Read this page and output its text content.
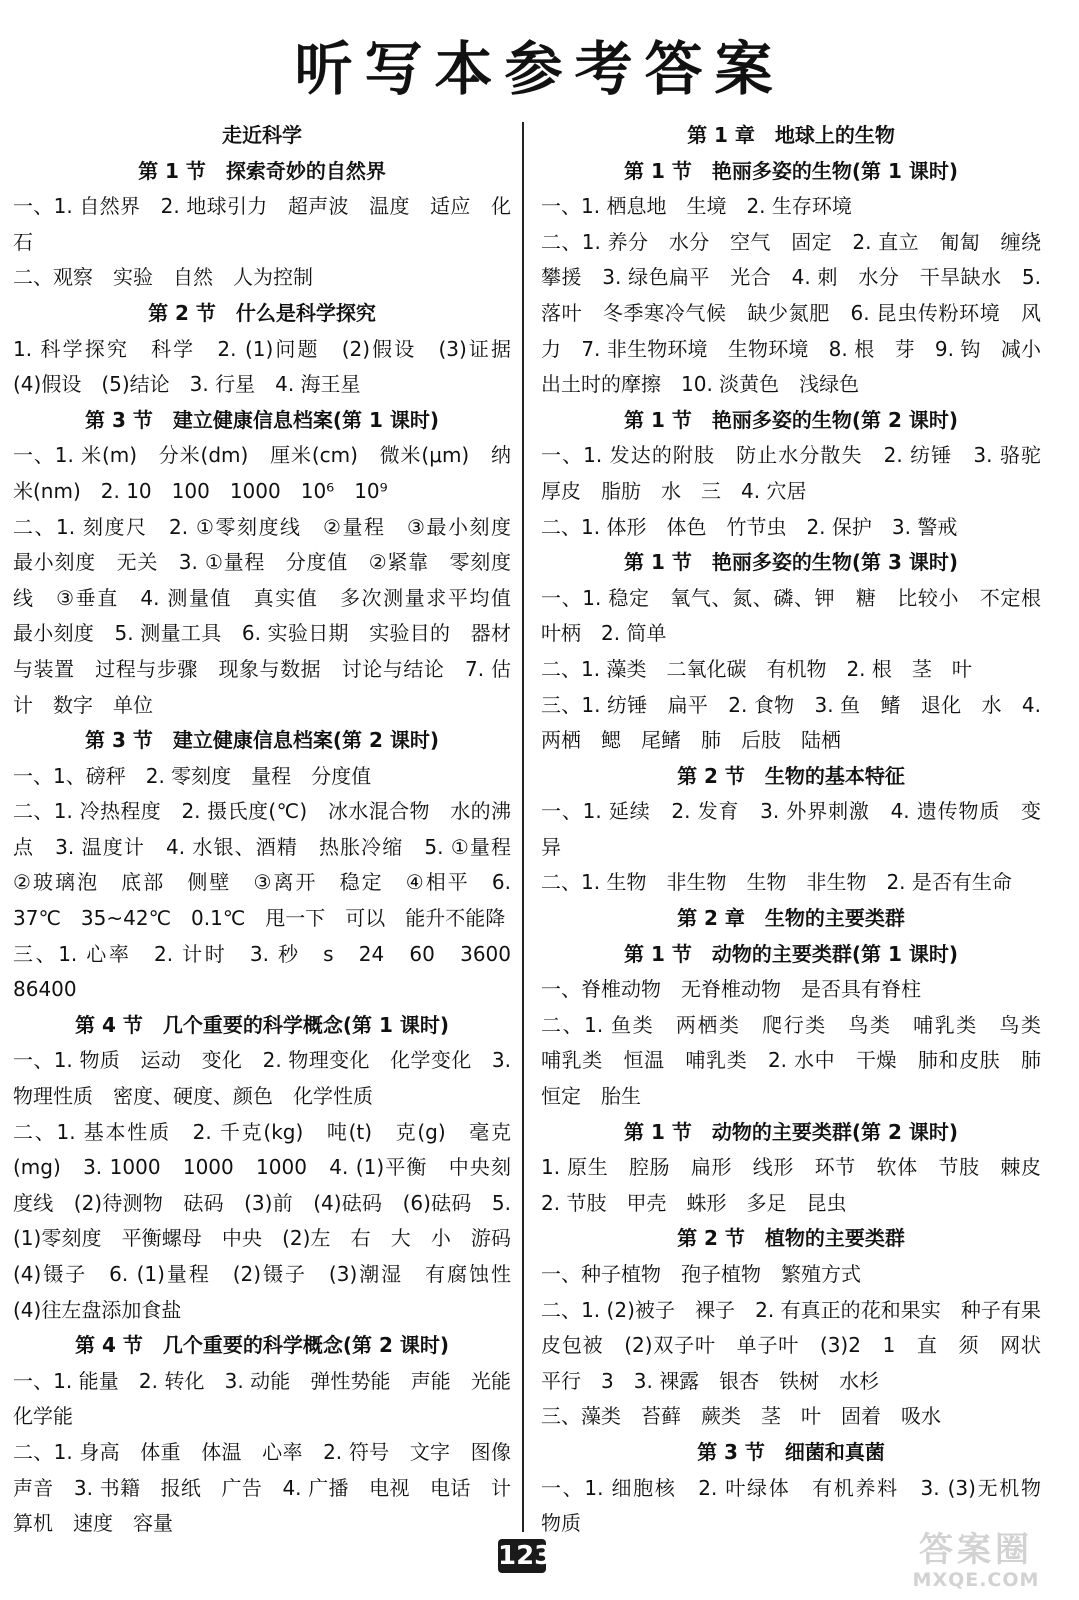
听写本参考答案
走近科学
第 1 节　探索奇妙的自然界
一、1. 自然界　2. 地球引力　超声波　温度　适应　化石
二、观察　实验　自然　人为控制
第 2 节　什么是科学探究
1. 科学探究　科学　2. (1)问题　(2)假设　(3)证据　(4)假设　(5)结论　3. 行星　4. 海王星
第 3 节　建立健康信息档案(第 1 课时)
一、1. 米(m)　分米(dm)　厘米(cm)　微米(μm)　纳米(nm)　2. 10　100　1000　10⁶　10⁹
二、1. 刻度尺　2. ①零刻度线　②量程　③最小刻度　最小刻度　无关　3. ①量程　分度值　②紧靠　零刻度线　③垂直　4. 测量值　真实值　多次测量求平均值　最小刻度　5. 测量工具　6. 实验日期　实验目的　器材与装置　过程与步骤　现象与数据　讨论与结论　7. 估计　数字　单位
第 3 节　建立健康信息档案(第 2 课时)
一、1、磅秤　2. 零刻度　量程　分度值
二、1. 冷热程度　2. 摄氏度(℃)　冰水混合物　水的沸点　3. 温度计　4. 水银、酒精　热胀冷缩　5. ①量程　②玻璃泡　底部　侧壁　③离开　稳定　④相平　6. 37℃　35~42℃　0.1℃　甩一下　可以　能升不能降
三、1. 心率　2. 计时　3. 秒　s　24　60　3600　86400
第 4 节　几个重要的科学概念(第 1 课时)
一、1. 物质　运动　变化　2. 物理变化　化学变化　3. 物理性质　密度、硬度、颜色　化学性质
二、1. 基本性质　2. 千克(kg)　吨(t)　克(g)　毫克(mg)　3. 1000　1000　1000　4. (1)平衡　中央刻度线　(2)待测物　砝码　(3)前　(4)砝码　(6)砝码　5. (1)零刻度　平衡螺母　中央　(2)左　右　大　小　游码　(4)镊子　6. (1)量程　(2)镊子　(3)潮湿　有腐蚀性　(4)往左盘添加食盐
第 4 节　几个重要的科学概念(第 2 课时)
一、1. 能量　2. 转化　3. 动能　弹性势能　声能　光能　化学能
二、1. 身高　体重　体温　心率　2. 符号　文字　图像　声音　3. 书籍　报纸　广告　4. 广播　电视　电话　计算机　速度　容量
第 1 章　地球上的生物
第 1 节　艳丽多姿的生物(第 1 课时)
一、1. 栖息地　生境　2. 生存环境
二、1. 养分　水分　空气　固定　2. 直立　匍匐　缠绕　攀援　3. 绿色扁平　光合　4. 刺　水分　干旱缺水　5. 落叶　冬季寒冷气候　缺少氮肥　6. 昆虫传粉环境　风力　7. 非生物环境　生物环境　8. 根　芽　9. 钩　减小出土时的摩擦　10. 淡黄色　浅绿色
第 1 节　艳丽多姿的生物(第 2 课时)
一、1. 发达的附肢　防止水分散失　2. 纺锤　3. 骆驼　厚皮　脂肪　水　三　4. 穴居
二、1. 体形　体色　竹节虫　2. 保护　3. 警戒
第 1 节　艳丽多姿的生物(第 3 课时)
一、1. 稳定　氧气、氮、磷、钾　糖　比较小　不定根　叶柄　2. 简单
二、1. 藻类　二氧化碳　有机物　2. 根　茎　叶
三、1. 纺锤　扁平　2. 食物　3. 鱼　鳍　退化　水　4. 两栖　鳃　尾鳍　肺　后肢　陆栖
第 2 节　生物的基本特征
一、1. 延续　2. 发育　3. 外界刺激　4. 遗传物质　变异
二、1. 生物　非生物　生物　非生物　2. 是否有生命
第 2 章　生物的主要类群
第 1 节　动物的主要类群(第 1 课时)
一、脊椎动物　无脊椎动物　是否具有脊柱
二、1. 鱼类　两栖类　爬行类　鸟类　哺乳类　鸟类　哺乳类　恒温　哺乳类　2. 水中　干燥　肺和皮肤　肺　恒定　胎生
第 1 节　动物的主要类群(第 2 课时)
1. 原生　腔肠　扁形　线形　环节　软体　节肢　棘皮　2. 节肢　甲壳　蛛形　多足　昆虫
第 2 节　植物的主要类群
一、种子植物　孢子植物　繁殖方式
二、1. (2)被子　裸子　2. 有真正的花和果实　种子有果皮包被　(2)双子叶　单子叶　(3)2　1　直　须　网状　平行　3　3. 裸露　银杏　铁树　水杉
三、藻类　苔藓　蕨类　茎　叶　固着　吸水
第 3 节　细菌和真菌
一、1. 细胞核　2. 叶绿体　有机养料　3. (3)无机物　物质
123	答案圈
MXQE.COM
